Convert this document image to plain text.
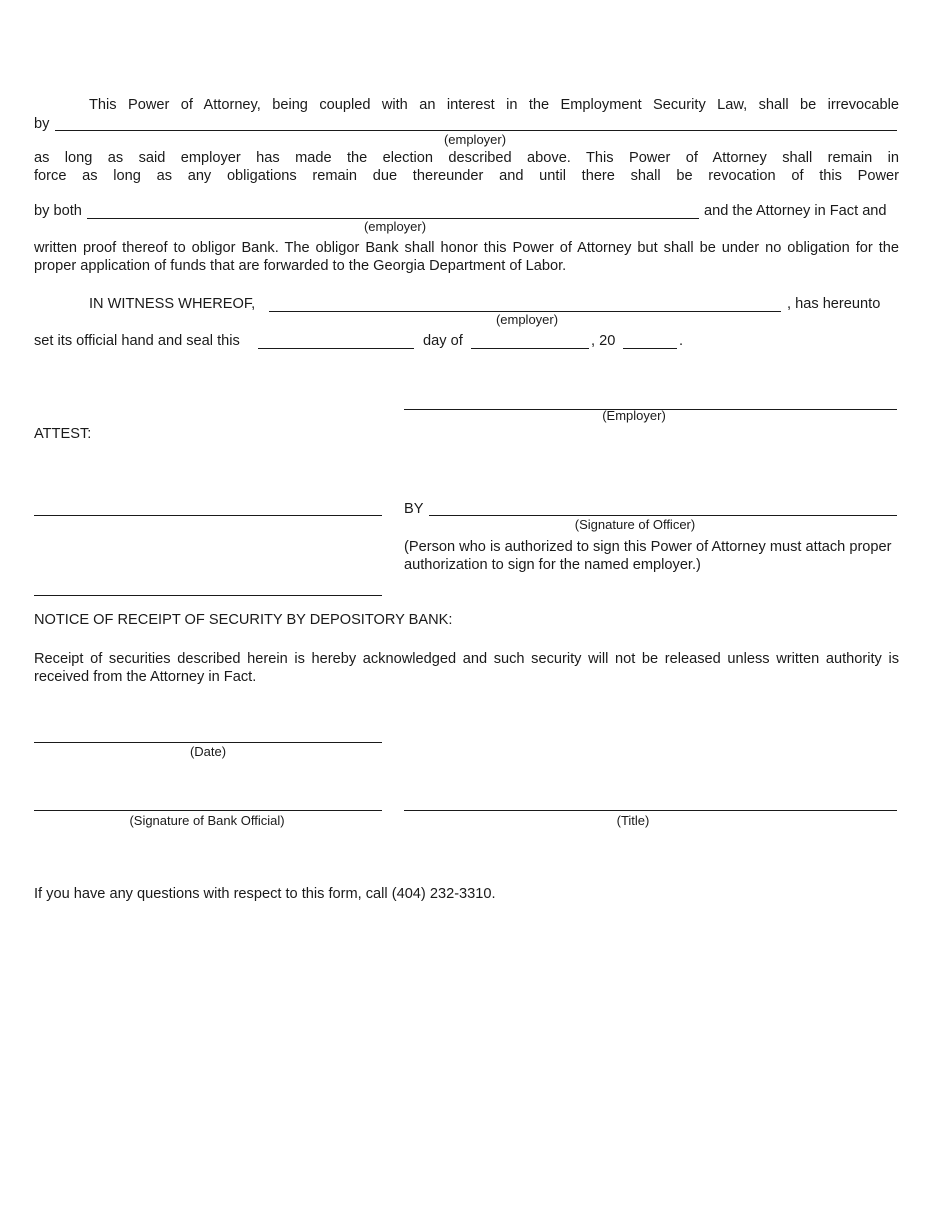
This Power of Attorney, being coupled with an interest in the Employment Security Law, shall be irrevocable
by
(employer)
as long as said employer has made the election described above. This Power of Attorney shall remain in
force as long as any obligations remain due thereunder and until there shall be revocation of this Power
by both	and the Attorney in Fact and
(employer)
written proof thereof to obligor Bank. The obligor Bank shall honor this Power of Attorney but shall be under no obligation for the proper application of funds that are forwarded to the Georgia Department of Labor.
IN WITNESS WHEREOF,	, has hereunto
(employer)
set its official hand and seal this	day of	, 20	.
(Employer)
ATTEST:
BY
(Signature of Officer)
(Person who is authorized to sign this Power of Attorney must attach proper authorization to sign for the named employer.)
NOTICE OF RECEIPT OF SECURITY BY DEPOSITORY BANK:
Receipt of securities described herein is hereby acknowledged and such security will not be released unless written authority is received from the Attorney in Fact.
(Date)
(Signature of Bank Official)	(Title)
If you have any questions with respect to this form, call (404) 232-3310.
